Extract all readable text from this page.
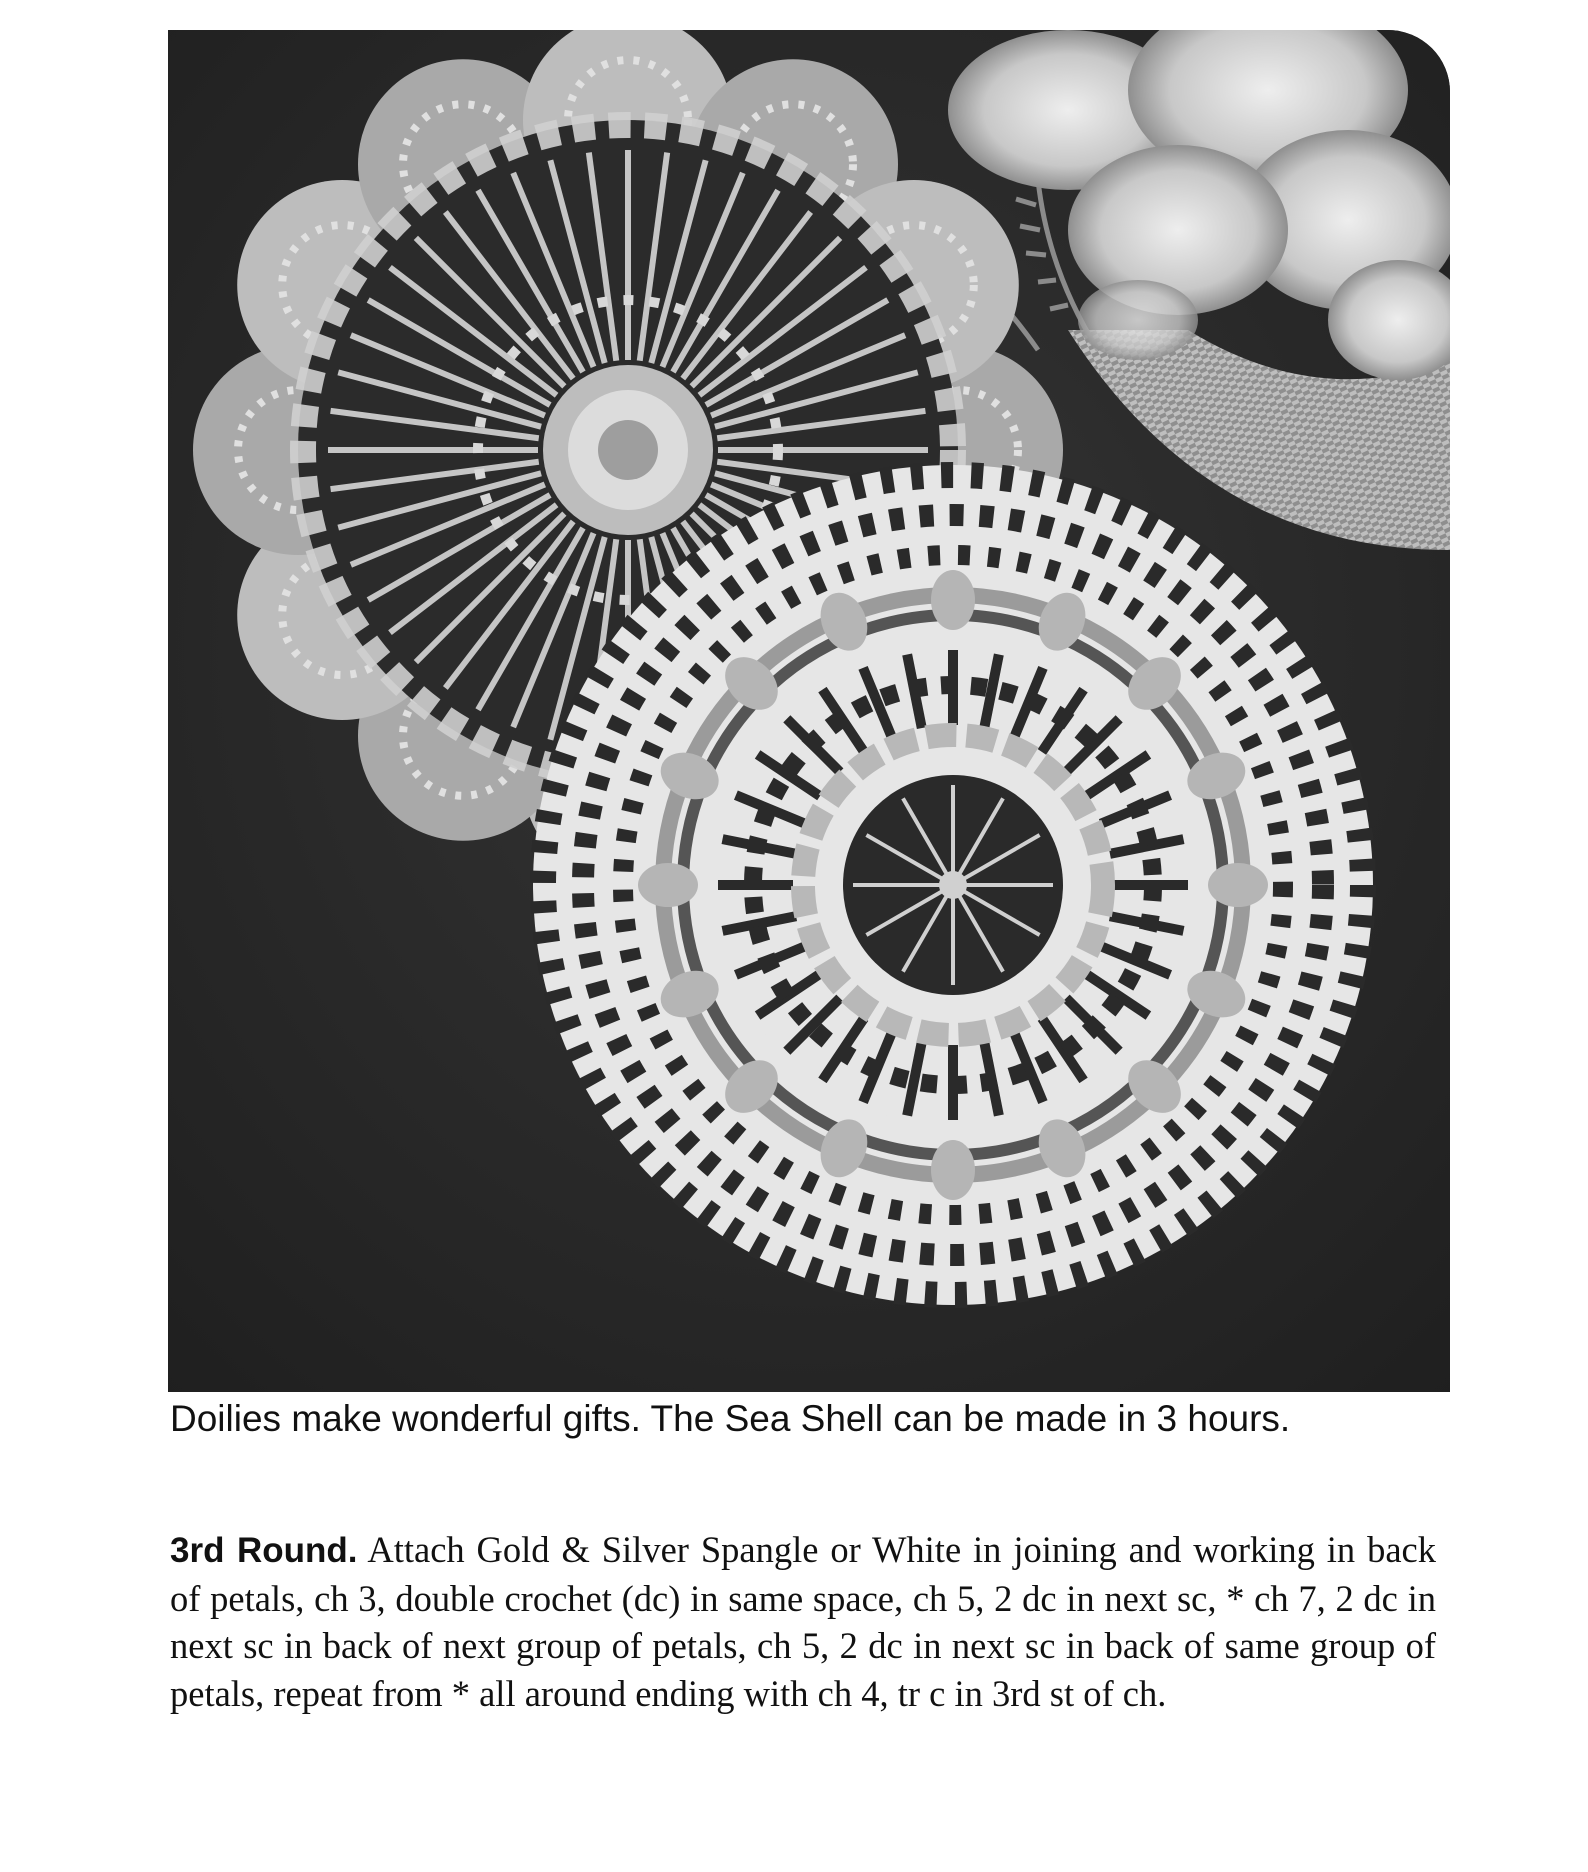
Doilies make wonderful gifts. The Sea Shell can be made in 3 hours.

3rd Round. Attach Gold & Silver Spangle or White in joining and working in back of petals, ch 3, double crochet (dc) in same space, ch 5, 2 dc in next sc, * ch 7, 2 dc in next sc in back of next group of petals, ch 5, 2 dc in next sc in back of same group of petals, repeat from * all around ending with ch 4, tr c in 3rd st of ch.
